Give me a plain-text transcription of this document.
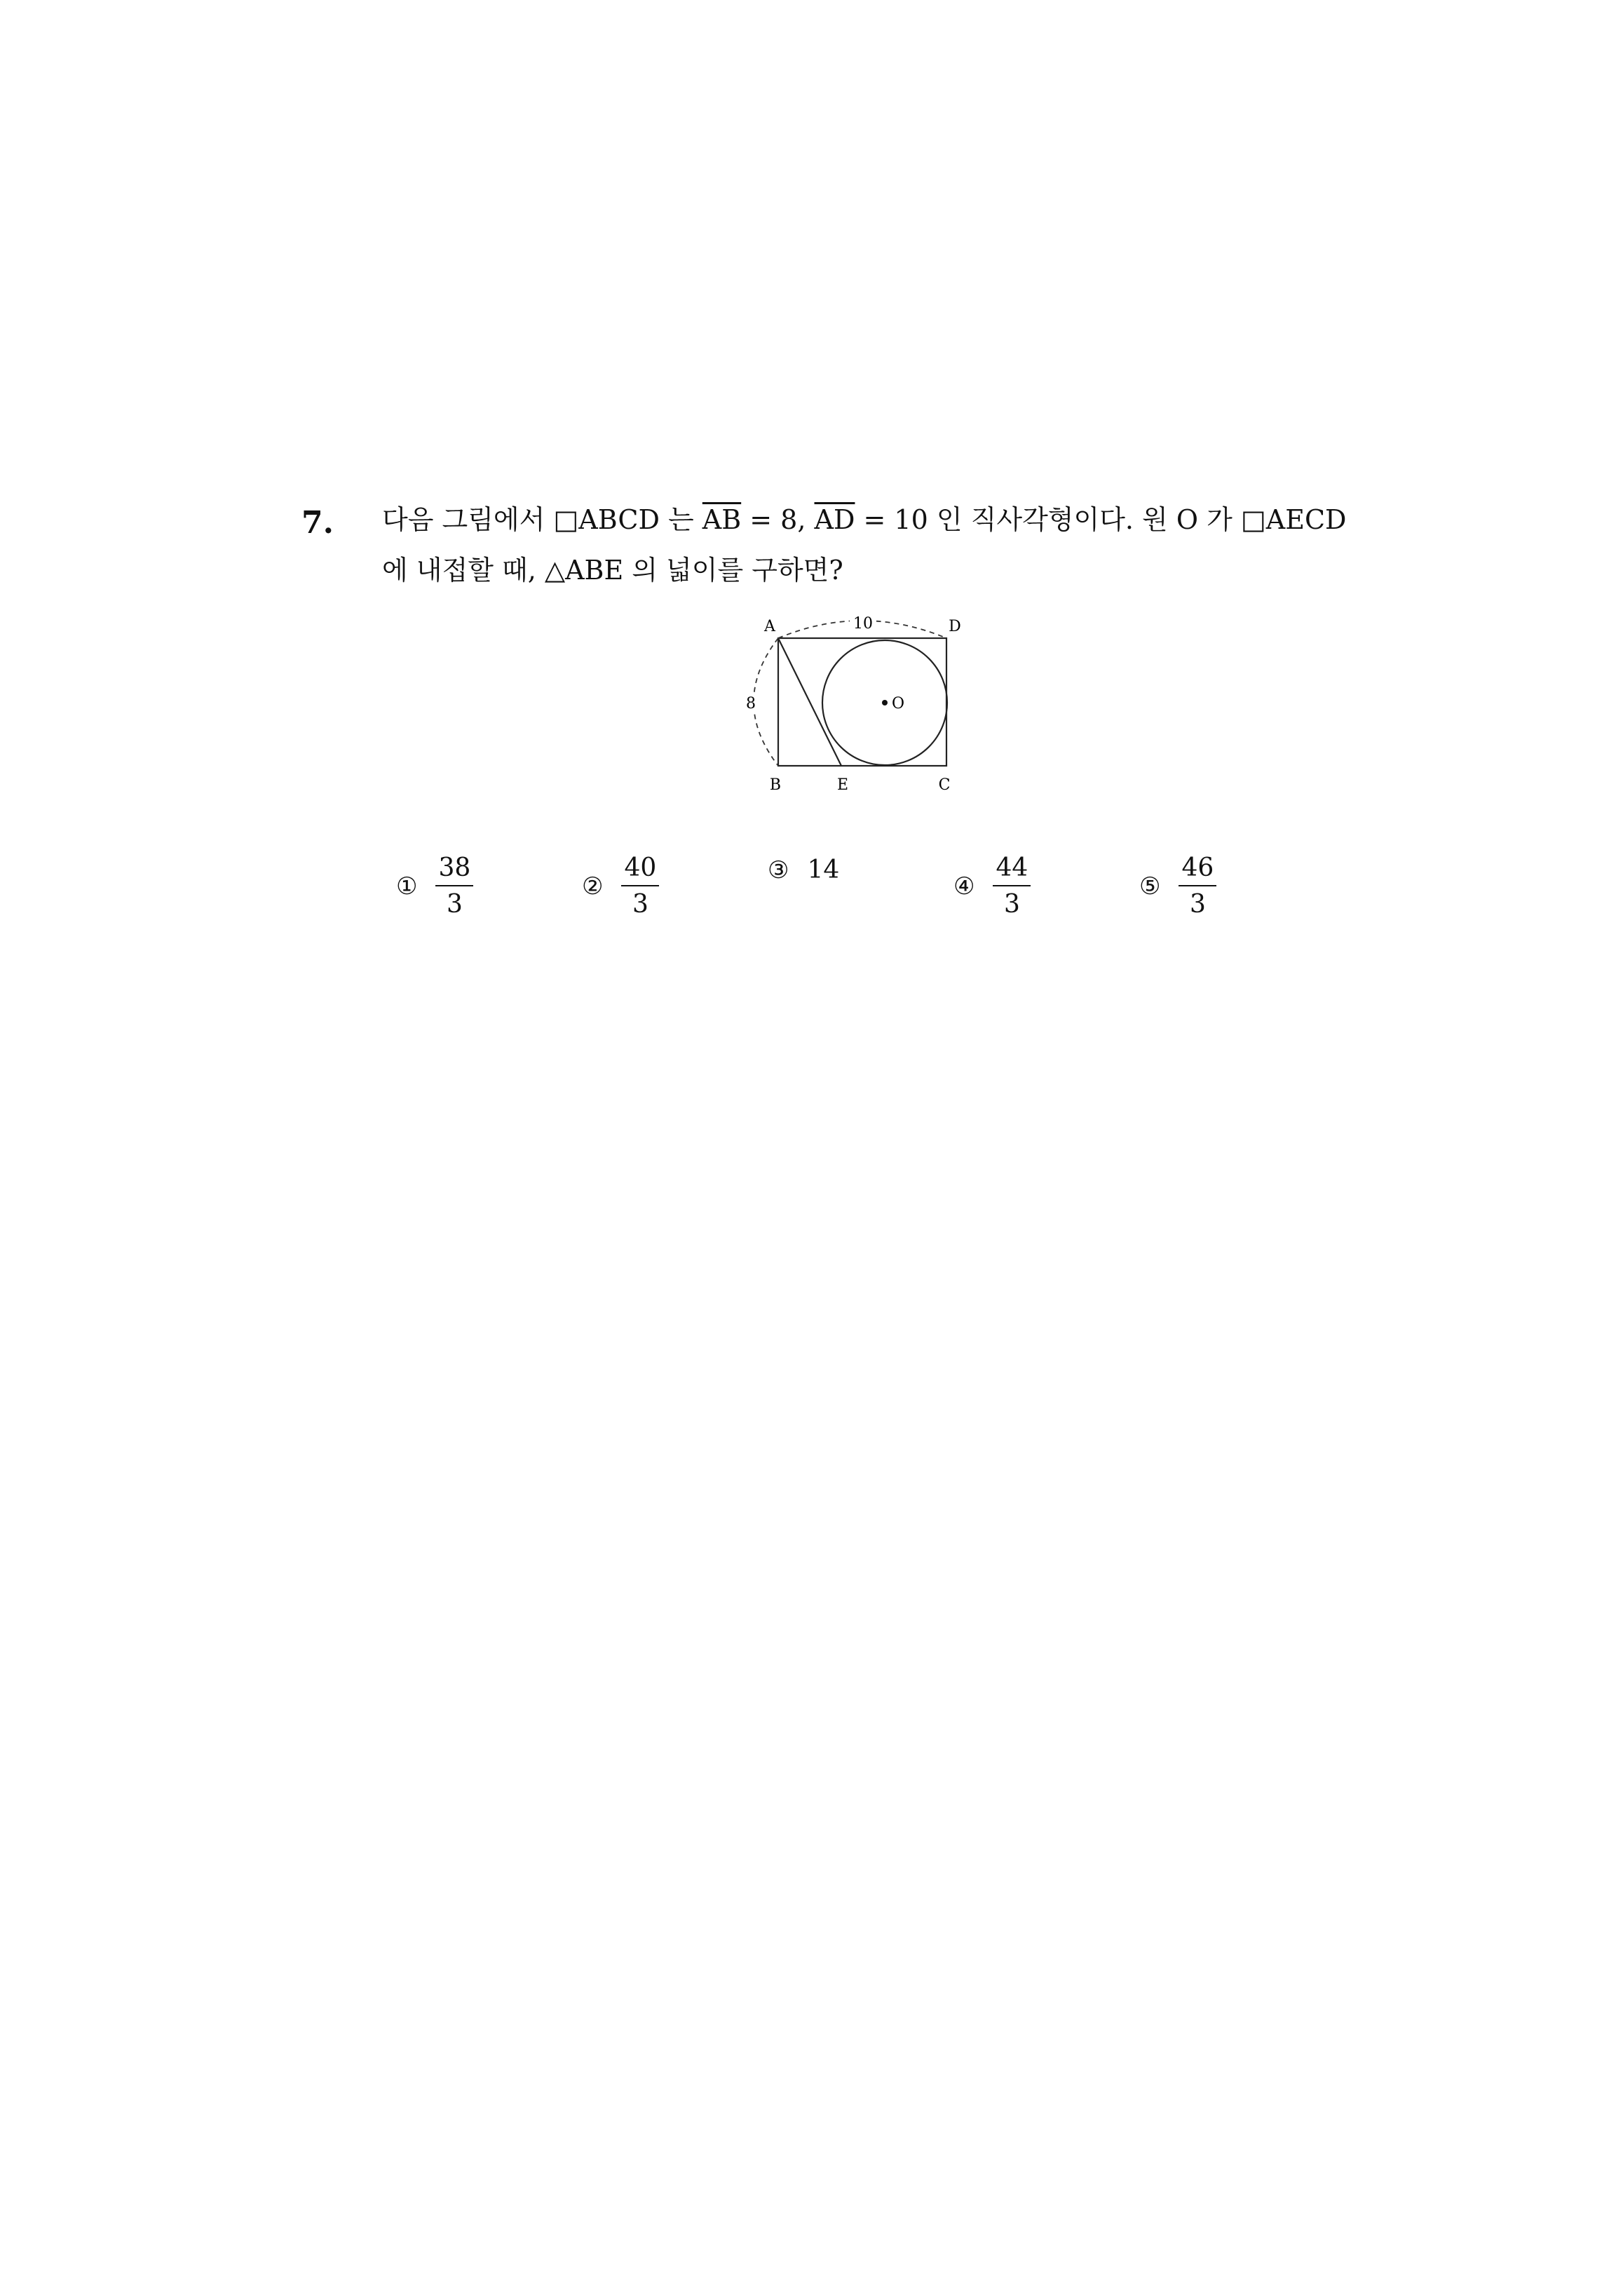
7. 다음 그림에서 □ABCD 는 $\overline{AB} = 8$, $\overline{AD} = 10$ 인 직사각형이다. 원 O 가 □AECD
에 내접할 때, △ABE 의 넓이를 구하면?
10
8
A	D
B	E	C
O
① $\frac{38}{3}$	② $\frac{40}{3}$	③ 14
④ $\frac{44}{3}$	⑤ $\frac{46}{3}$
